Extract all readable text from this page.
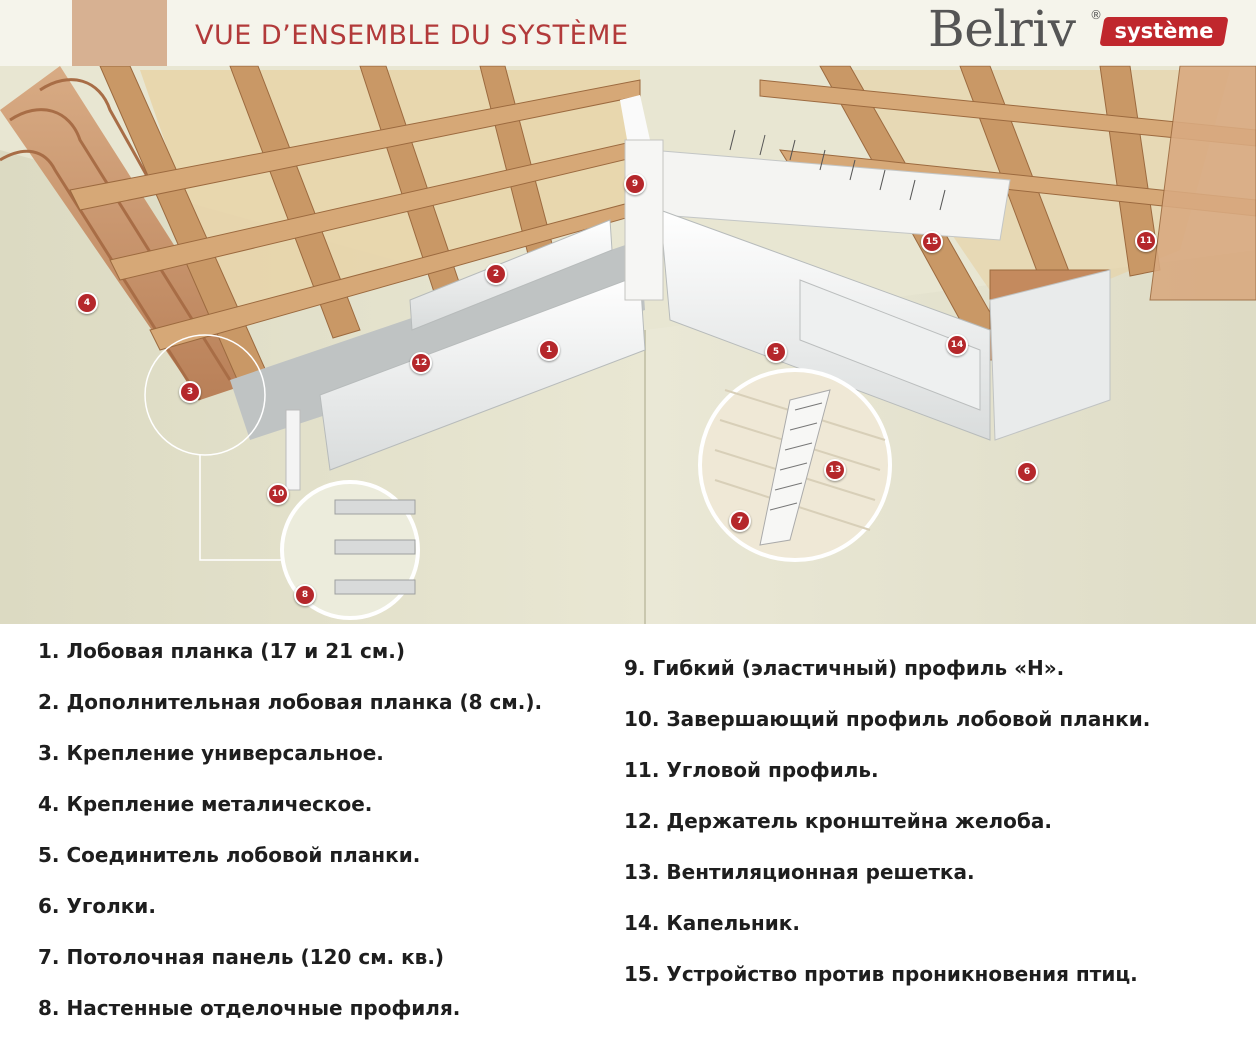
VUE D’ENSEMBLE DU SYSTÈME	Belriv ®
système
1
2
3
4
5
6
7
8
9
10
11
12
13
14
15
1. Лобовая планка (17 и 21 см.)
2. Дополнительная лобовая планка (8 см.).
3. Крепление универсальное.
4. Крепление металическое.
5. Соединитель лобовой планки.
6. Уголки.
7. Потолочная панель (120 см. кв.)
8. Настенные отделочные профиля.
9. Гибкий (эластичный) профиль «H».
10. Завершающий профиль лобовой планки.
11. Угловой профиль.
12. Держатель кронштейна желоба.
13. Вентиляционная решетка.
14. Капельник.
15. Устройство против проникновения птиц.
